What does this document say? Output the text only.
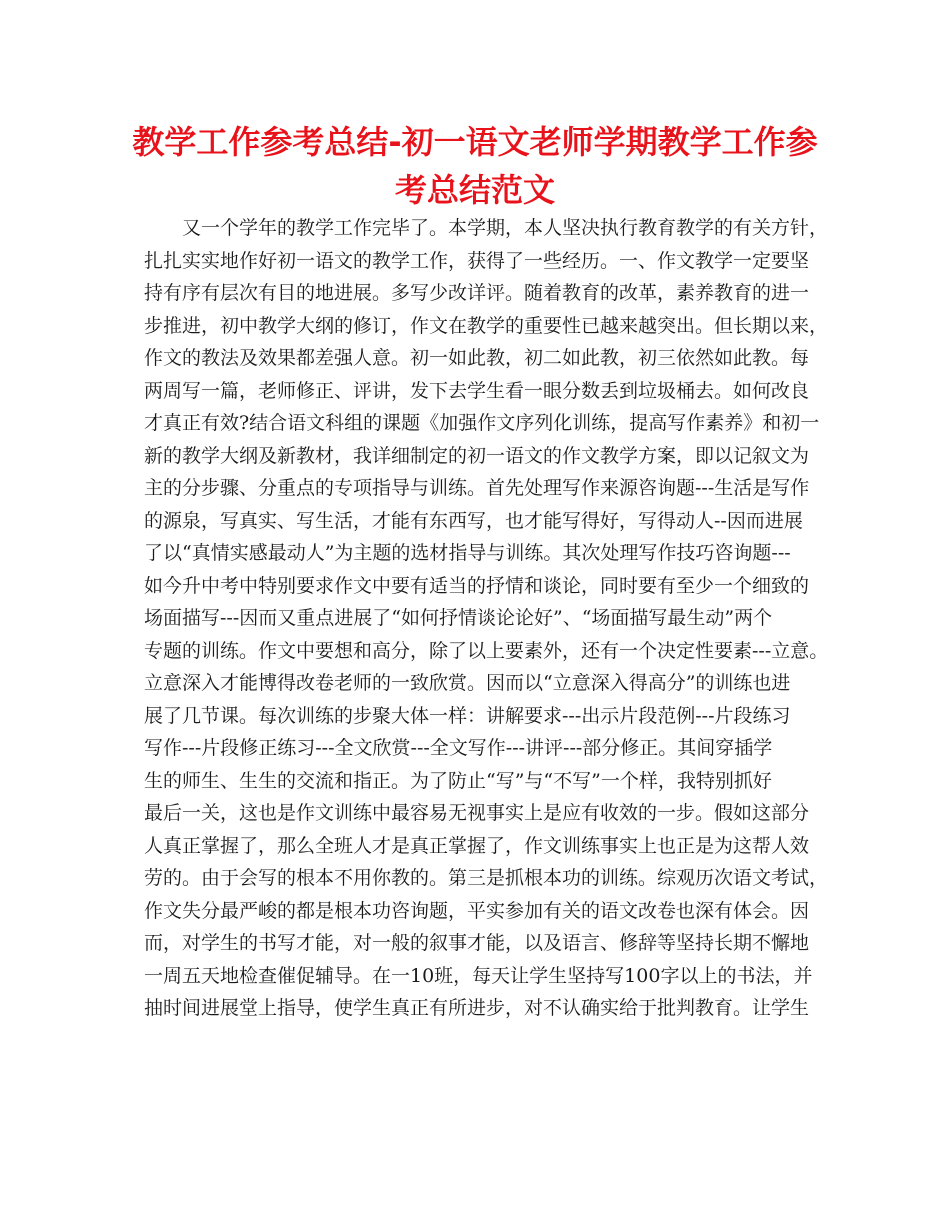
教学工作参考总结-初一语文老师学期教学工作参考总结范文
又一个学年的教学工作完毕了。本学期，本人坚决执行教育教学的有关方针，
扎扎实实地作好初一语文的教学工作，获得了一些经历。一、作文教学一定要坚
持有序有层次有目的地进展。多写少改详评。随着教育的改革，素养教育的进一
步推进，初中教学大纲的修订，作文在教学的重要性已越来越突出。但长期以来，
作文的教法及效果都差强人意。初一如此教，初二如此教，初三依然如此教。每
两周写一篇，老师修正、评讲，发下去学生看一眼分数丢到垃圾桶去。如何改良
才真正有效?结合语文科组的课题《加强作文序列化训练，提高写作素养》和初一
新的教学大纲及新教材，我详细制定的初一语文的作文教学方案，即以记叙文为
主的分步骤、分重点的专项指导与训练。首先处理写作来源咨询题---生活是写作
的源泉，写真实、写生活，才能有东西写，也才能写得好，写得动人--因而进展
了以“真情实感最动人”为主题的选材指导与训练。其次处理写作技巧咨询题---
如今升中考中特别要求作文中要有适当的抒情和谈论，同时要有至少一个细致的
场面描写---因而又重点进展了“如何抒情谈论论好”、“场面描写最生动”两个
专题的训练。作文中要想和高分，除了以上要素外，还有一个决定性要素---立意。
立意深入才能博得改卷老师的一致欣赏。因而以“立意深入得高分”的训练也进
展了几节课。每次训练的步聚大体一样：讲解要求---出示片段范例---片段练习
写作---片段修正练习---全文欣赏---全文写作---讲评---部分修正。其间穿插学
生的师生、生生的交流和指正。为了防止“写”与“不写”一个样，我特别抓好
最后一关，这也是作文训练中最容易无视事实上是应有收效的一步。假如这部分
人真正掌握了，那么全班人才是真正掌握了，作文训练事实上也正是为这帮人效
劳的。由于会写的根本不用你教的。第三是抓根本功的训练。综观历次语文考试，
作文失分最严峻的都是根本功咨询题，平实参加有关的语文改卷也深有体会。因
而，对学生的书写才能，对一般的叙事才能，以及语言、修辞等坚持长期不懈地
一周五天地检查催促辅导。在一10班，每天让学生坚持写100字以上的书法，并
抽时间进展堂上指导，使学生真正有所进步，对不认确实给于批判教育。让学生
